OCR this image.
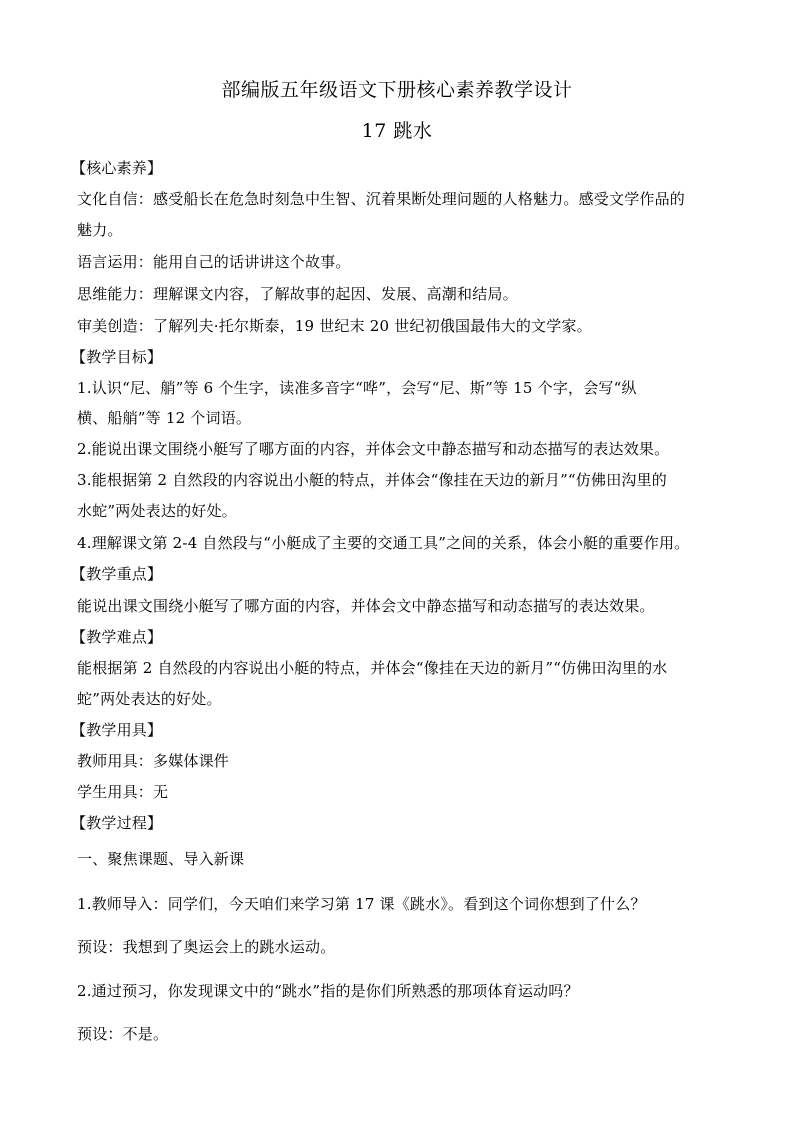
部编版五年级语文下册核心素养教学设计
17 跳水
【核心素养】
文化自信：感受船长在危急时刻急中生智、沉着果断处理问题的人格魅力。感受文学作品的
魅力。
语言运用：能用自己的话讲讲这个故事。
思维能力：理解课文内容，了解故事的起因、发展、高潮和结局。
审美创造：了解列夫·托尔斯泰，19 世纪末 20 世纪初俄国最伟大的文学家。
【教学目标】
1.认识“尼、艄”等 6 个生字，读准多音字“哗”，会写“尼、斯”等 15 个字，会写“纵
横、船艄”等 12 个词语。
2.能说出课文围绕小艇写了哪方面的内容，并体会文中静态描写和动态描写的表达效果。
3.能根据第 2 自然段的内容说出小艇的特点，并体会“像挂在天边的新月”“仿佛田沟里的
水蛇”两处表达的好处。
4.理解课文第 2-4 自然段与“小艇成了主要的交通工具”之间的关系，体会小艇的重要作用。
【教学重点】
能说出课文围绕小艇写了哪方面的内容，并体会文中静态描写和动态描写的表达效果。
【教学难点】
能根据第 2 自然段的内容说出小艇的特点，并体会“像挂在天边的新月”“仿佛田沟里的水
蛇”两处表达的好处。
【教学用具】
教师用具：多媒体课件
学生用具：无
【教学过程】
一、聚焦课题、导入新课
1.教师导入：同学们，今天咱们来学习第 17 课《跳水》。看到这个词你想到了什么？
预设：我想到了奥运会上的跳水运动。
2.通过预习，你发现课文中的“跳水”指的是你们所熟悉的那项体育运动吗？
预设：不是。
